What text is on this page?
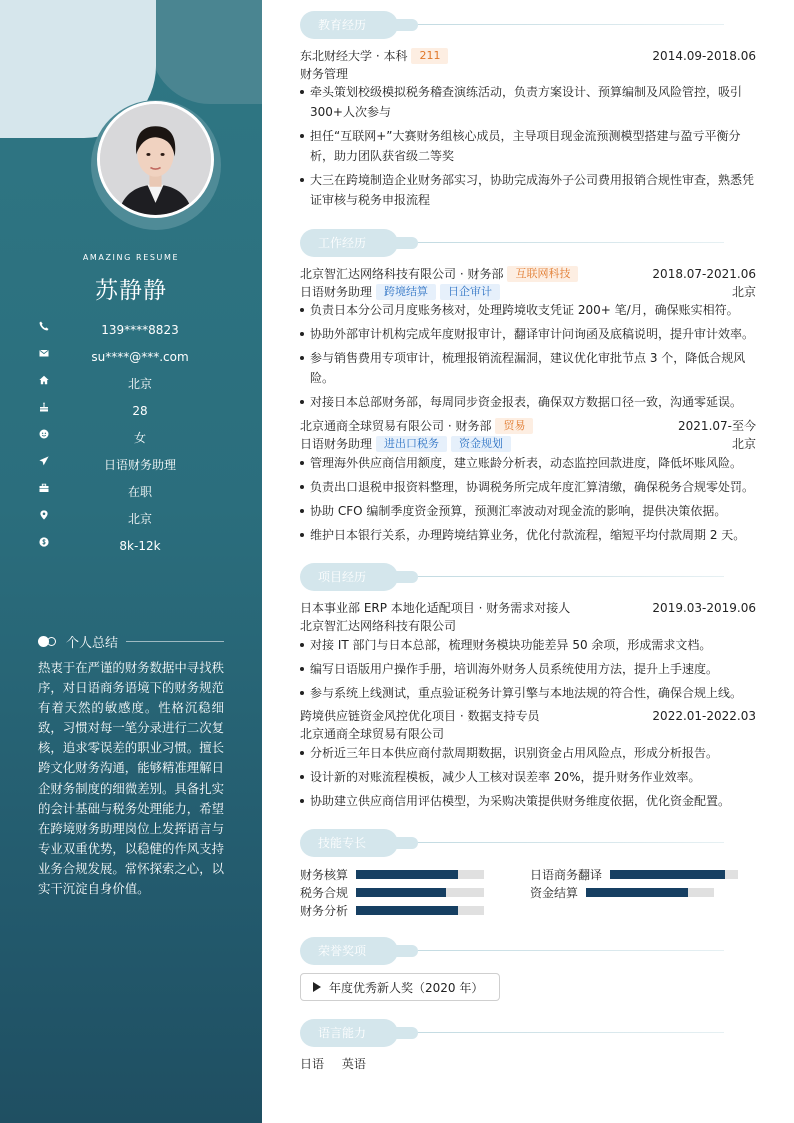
AMAZING RESUME
苏静静
139****8823
su****@***.com
北京
28
女
日语财务助理
在职
北京
8k-12k
个人总结
热衷于在严谨的财务数据中寻找秩序，对日语商务语境下的财务规范有着天然的敏感度。性格沉稳细致，习惯对每一笔分录进行二次复核，追求零误差的职业习惯。擅长跨文化财务沟通，能够精准理解日企财务制度的细微差别。具备扎实的会计基础与税务处理能力，希望在跨境财务助理岗位上发挥语言与专业双重优势，以稳健的作风支持业务合规发展。常怀探索之心，以实干沉淀自身价值。
教育经历
东北财经大学 · 本科	211	2014.09-2018.06
财务管理
牵头策划校级模拟税务稽查演练活动，负责方案设计、预算编制及风险管控，吸引300+人次参与
担任“互联网+”大赛财务组核心成员，主导项目现金流预测模型搭建与盈亏平衡分析，助力团队获省级二等奖
大三在跨境制造企业财务部实习，协助完成海外子公司费用报销合规性审查，熟悉凭证审核与税务申报流程
工作经历
北京智汇达网络科技有限公司 · 财务部	互联网科技	2018.07-2021.06
日语财务助理	跨境结算	日企审计	北京
负责日本分公司月度账务核对，处理跨境收支凭证 200+ 笔/月，确保账实相符。
协助外部审计机构完成年度财报审计，翻译审计问询函及底稿说明，提升审计效率。
参与销售费用专项审计，梳理报销流程漏洞，建议优化审批节点 3 个，降低合规风险。
对接日本总部财务部，每周同步资金报表，确保双方数据口径一致，沟通零延误。
北京通商全球贸易有限公司 · 财务部	贸易	2021.07-至今
日语财务助理	进出口税务	资金规划	北京
管理海外供应商信用额度，建立账龄分析表，动态监控回款进度，降低坏账风险。
负责出口退税申报资料整理，协调税务所完成年度汇算清缴，确保税务合规零处罚。
协助 CFO 编制季度资金预算，预测汇率波动对现金流的影响，提供决策依据。
维护日本银行关系，办理跨境结算业务，优化付款流程，缩短平均付款周期 2 天。
项目经历
日本事业部 ERP 本地化适配项目 · 财务需求对接人	2019.03-2019.06
北京智汇达网络科技有限公司
对接 IT 部门与日本总部，梳理财务模块功能差异 50 余项，形成需求文档。
编写日语版用户操作手册，培训海外财务人员系统使用方法，提升上手速度。
参与系统上线测试，重点验证税务计算引擎与本地法规的符合性，确保合规上线。
跨境供应链资金风控优化项目 · 数据支持专员	2022.01-2022.03
北京通商全球贸易有限公司
分析近三年日本供应商付款周期数据，识别资金占用风险点，形成分析报告。
设计新的对账流程模板，减少人工核对误差率 20%，提升财务作业效率。
协助建立供应商信用评估模型，为采购决策提供财务维度依据，优化资金配置。
技能专长
财务核算	日语商务翻译
税务合规	资金结算
财务分析
荣誉奖项
年度优秀新人奖（2020 年）
语言能力
日语 英语
